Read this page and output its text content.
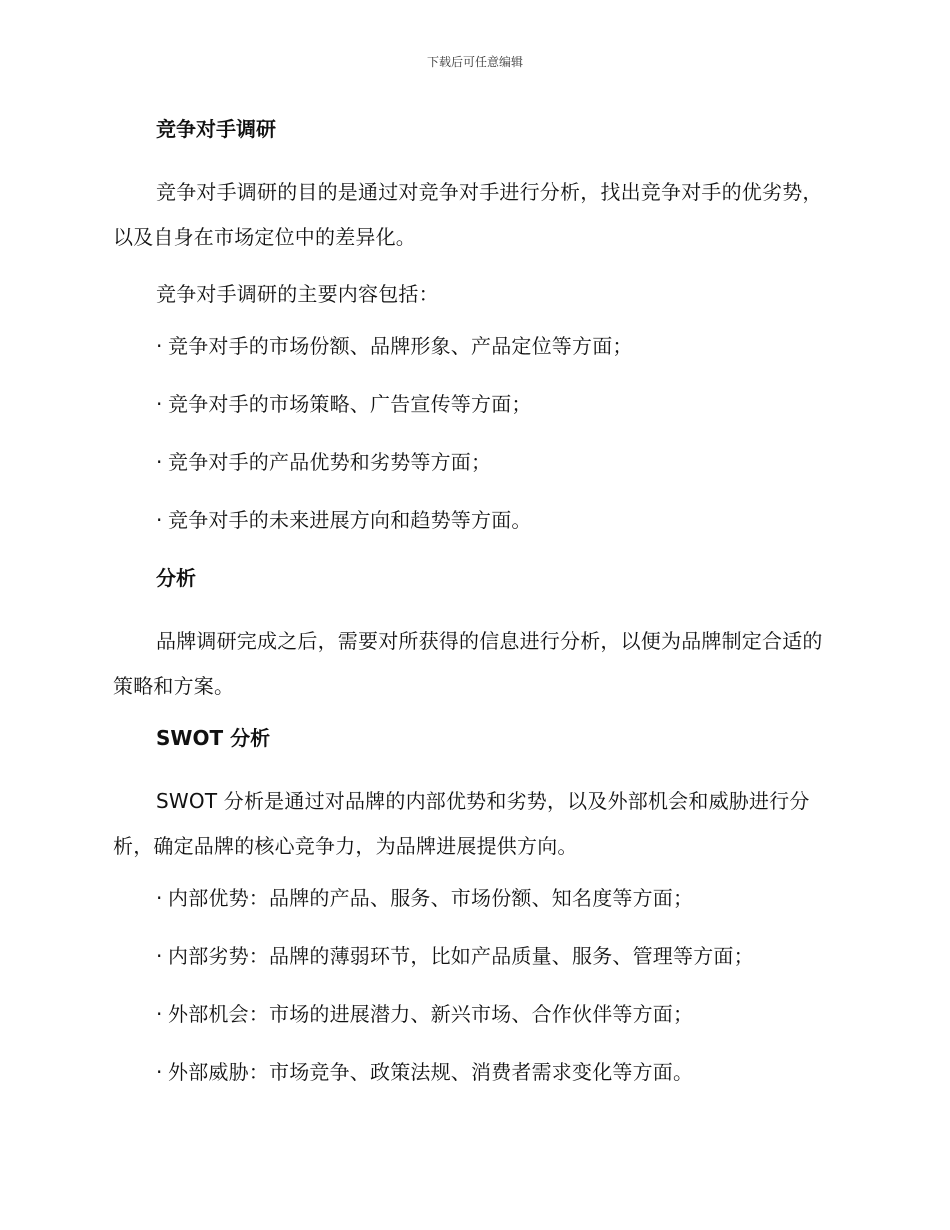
下载后可任意编辑
竞争对手调研
竞争对手调研的目的是通过对竞争对手进行分析，找出竞争对手的优劣势，以及自身在市场定位中的差异化。
竞争对手调研的主要内容包括：
· 竞争对手的市场份额、品牌形象、产品定位等方面；
· 竞争对手的市场策略、广告宣传等方面；
· 竞争对手的产品优势和劣势等方面；
· 竞争对手的未来进展方向和趋势等方面。
分析
品牌调研完成之后，需要对所获得的信息进行分析，以便为品牌制定合适的策略和方案。
SWOT 分析
SWOT 分析是通过对品牌的内部优势和劣势，以及外部机会和威胁进行分析，确定品牌的核心竞争力，为品牌进展提供方向。
· 内部优势：品牌的产品、服务、市场份额、知名度等方面；
· 内部劣势：品牌的薄弱环节，比如产品质量、服务、管理等方面；
· 外部机会：市场的进展潜力、新兴市场、合作伙伴等方面；
· 外部威胁：市场竞争、政策法规、消费者需求变化等方面。
